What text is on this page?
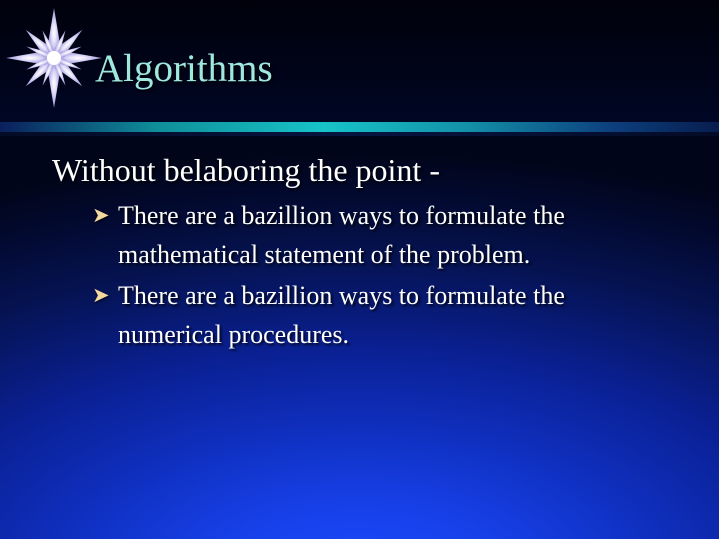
Algorithms
Without belaboring the point -
➤ There are a bazillion ways to formulate the mathematical statement of the problem.
➤ There are a bazillion ways to formulate the numerical procedures.
